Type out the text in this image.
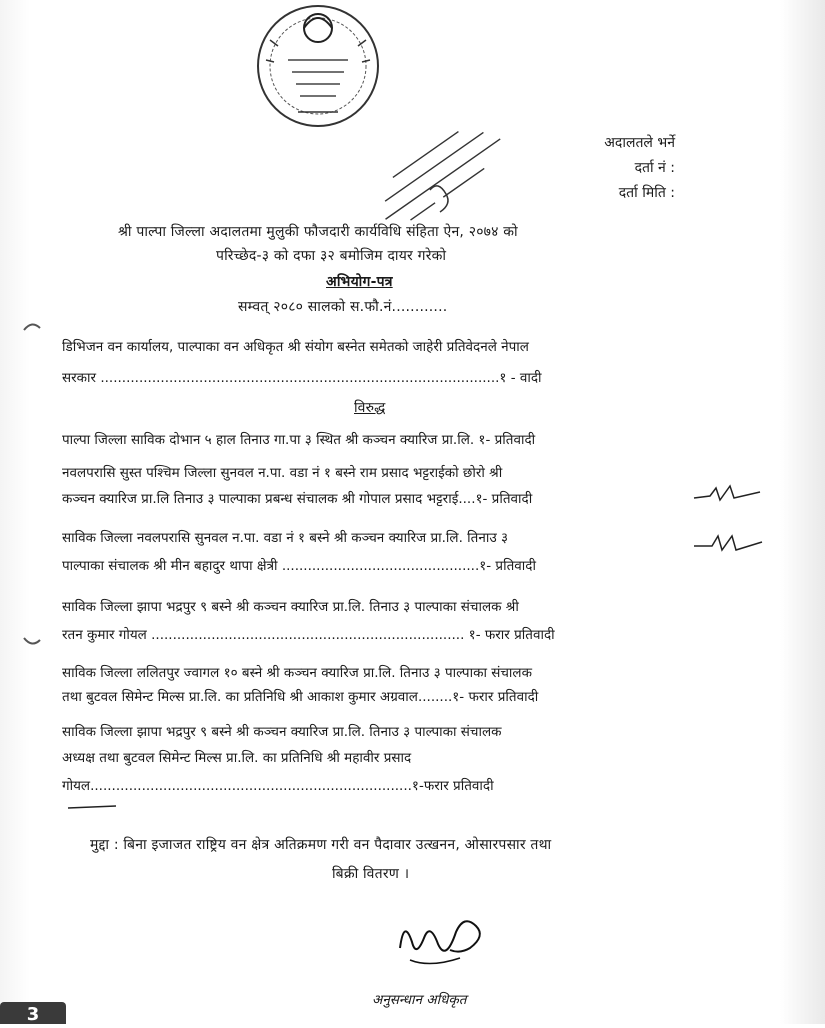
अदालतले भर्ने
दर्ता नं :
दर्ता मिति :
श्री पाल्पा जिल्ला अदालतमा मुलुकी फौजदारी कार्यविधि संहिता ऐन, २०७४ को
परिच्छेद-३ को दफा ३२ बमोजिम दायर गरेको
अभियोग-पत्र
सम्वत् २०८० सालको स.फौ.नं............
डिभिजन वन कार्यालय, पाल्पाका वन अधिकृत श्री संयोग बस्नेत समेतको जाहेरी प्रतिवेदनले नेपाल
सरकार .............................................................................................१ - वादी
विरुद्ध
पाल्पा जिल्ला साविक दोभान ५ हाल तिनाउ गा.पा ३ स्थित श्री कञ्चन क्यारिज प्रा.लि. १- प्रतिवादी
नवलपरासि सुस्त पश्चिम जिल्ला सुनवल न.पा. वडा नं १ बस्ने राम प्रसाद भट्टराईको छोरो श्री
कञ्चन क्यारिज प्रा.लि तिनाउ ३ पाल्पाका प्रबन्ध संचालक श्री गोपाल प्रसाद भट्टराई....१- प्रतिवादी
साविक जिल्ला नवलपरासि सुनवल न.पा. वडा नं १ बस्ने श्री कञ्चन क्यारिज प्रा.लि. तिनाउ ३
पाल्पाका संचालक श्री मीन बहादुर थापा क्षेत्री ..............................................१- प्रतिवादी
साविक जिल्ला झापा भद्रपुर ९ बस्ने श्री कञ्चन क्यारिज प्रा.लि. तिनाउ ३ पाल्पाका संचालक श्री
रतन कुमार गोयल ......................................................................... १- फरार प्रतिवादी
साविक जिल्ला ललितपुर ज्वागल १० बस्ने श्री कञ्चन क्यारिज प्रा.लि. तिनाउ ३ पाल्पाका संचालक
तथा बुटवल सिमेन्ट मिल्स प्रा.लि. का प्रतिनिधि श्री आकाश कुमार अग्रवाल........१- फरार प्रतिवादी
साविक जिल्ला झापा भद्रपुर ९ बस्ने श्री कञ्चन क्यारिज प्रा.लि. तिनाउ ३ पाल्पाका संचालक
अध्यक्ष तथा बुटवल सिमेन्ट मिल्स प्रा.लि. का प्रतिनिधि श्री महावीर प्रसाद
गोयल...........................................................................१-फरार प्रतिवादी
मुद्दा : बिना इजाजत राष्ट्रिय वन क्षेत्र अतिक्रमण गरी वन पैदावार उत्खनन, ओसारपसार तथा
बिक्री वितरण ।
अनुसन्धान अधिकृत
3
